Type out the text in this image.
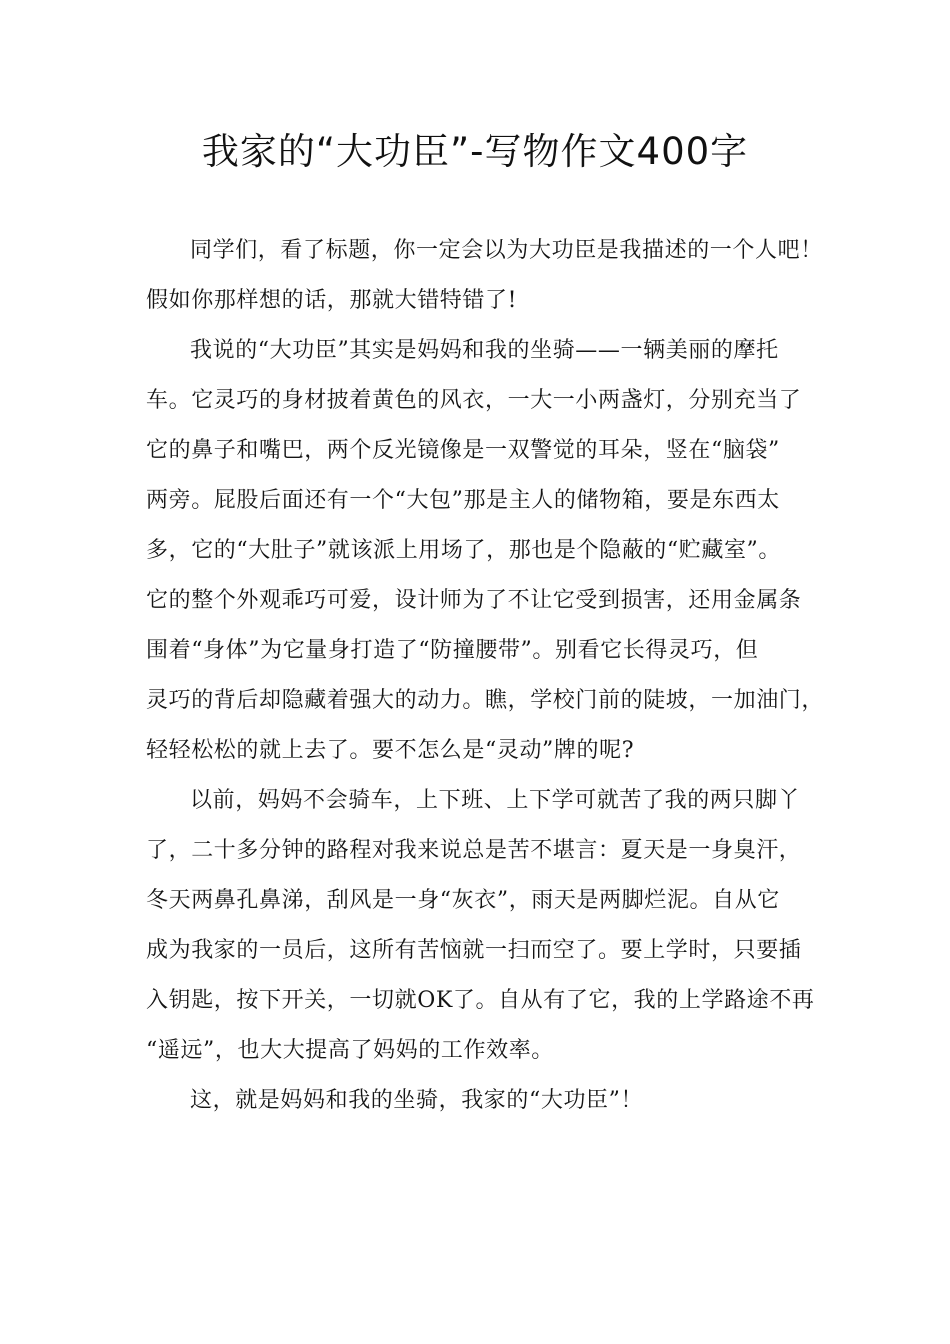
我家的“大功臣”-写物作文400字
同学们，看了标题，你一定会以为大功臣是我描述的一个人吧！
假如你那样想的话，那就大错特错了!
我说的“大功臣”其实是妈妈和我的坐骑——一辆美丽的摩托
车。它灵巧的身材披着黄色的风衣，一大一小两盏灯，分别充当了
它的鼻子和嘴巴，两个反光镜像是一双警觉的耳朵，竖在“脑袋”
两旁。屁股后面还有一个“大包”那是主人的储物箱，要是东西太
多，它的“大肚子”就该派上用场了，那也是个隐蔽的“贮藏室”。
它的整个外观乖巧可爱，设计师为了不让它受到损害，还用金属条
围着“身体”为它量身打造了“防撞腰带”。别看它长得灵巧，但
灵巧的背后却隐藏着强大的动力。瞧，学校门前的陡坡，一加油门，
轻轻松松的就上去了。要不怎么是“灵动”牌的呢?
以前，妈妈不会骑车，上下班、上下学可就苦了我的两只脚丫
了，二十多分钟的路程对我来说总是苦不堪言：夏天是一身臭汗，
冬天两鼻孔鼻涕，刮风是一身“灰衣”，雨天是两脚烂泥。自从它
成为我家的一员后，这所有苦恼就一扫而空了。要上学时，只要插
入钥匙，按下开关，一切就OK了。自从有了它，我的上学路途不再
“遥远”，也大大提高了妈妈的工作效率。
这，就是妈妈和我的坐骑，我家的“大功臣”！
